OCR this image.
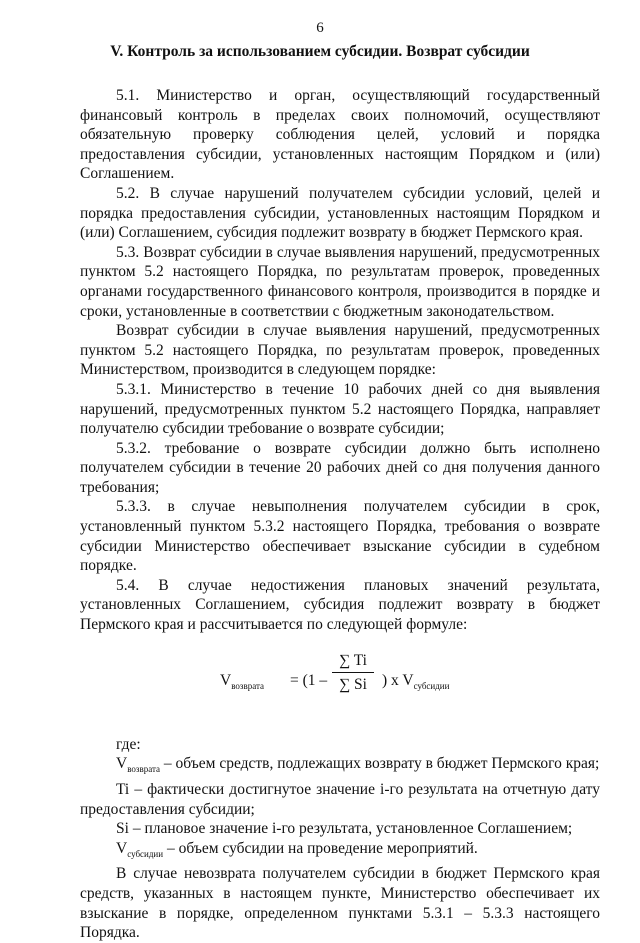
6
V. Контроль за использованием субсидии. Возврат субсидии

5.1. Министерство и орган, осуществляющий государственный финансовый контроль в пределах своих полномочий, осуществляют обязательную проверку соблюдения целей, условий и порядка предоставления субсидии, установленных настоящим Порядком и (или) Соглашением.

5.2. В случае нарушений получателем субсидии условий, целей и порядка предоставления субсидии, установленных настоящим Порядком и (или) Соглашением, субсидия подлежит возврату в бюджет Пермского края.

5.3. Возврат субсидии в случае выявления нарушений, предусмотренных пунктом 5.2 настоящего Порядка, по результатам проверок, проведенных органами государственного финансового контроля, производится в порядке и сроки, установленные в соответствии с бюджетным законодательством.

Возврат субсидии в случае выявления нарушений, предусмотренных пунктом 5.2 настоящего Порядка, по результатам проверок, проведенных Министерством, производится в следующем порядке:

5.3.1. Министерство в течение 10 рабочих дней со дня выявления нарушений, предусмотренных пунктом 5.2 настоящего Порядка, направляет получателю субсидии требование о возврате субсидии;

5.3.2. требование о возврате субсидии должно быть исполнено получателем субсидии в течение 20 рабочих дней со дня получения данного требования;

5.3.3. в случае невыполнения получателем субсидии в срок, установленный пунктом 5.3.2 настоящего Порядка, требования о возврате субсидии Министерство обеспечивает взыскание субсидии в судебном порядке.

5.4. В случае недостижения плановых значений результата, установленных Соглашением, субсидия подлежит возврату в бюджет Пермского края и рассчитывается по следующей формуле:

$V_{возврата} = (1$ –
∑ Ti
∑ Si ) x $V_{субсидии}$

где:

$V_{возврата}$ – объем средств, подлежащих возврату в бюджет Пермского края;

Ti – фактически достигнутое значение i-го результата на отчетную дату предоставления субсидии;

Si – плановое значение i-го результата, установленное Соглашением;

$V_{субсидии}$ – объем субсидии на проведение мероприятий.

В случае невозврата получателем субсидии в бюджет Пермского края средств, указанных в настоящем пункте, Министерство обеспечивает их взыскание в порядке, определенном пунктами 5.3.1 – 5.3.3 настоящего Порядка.
